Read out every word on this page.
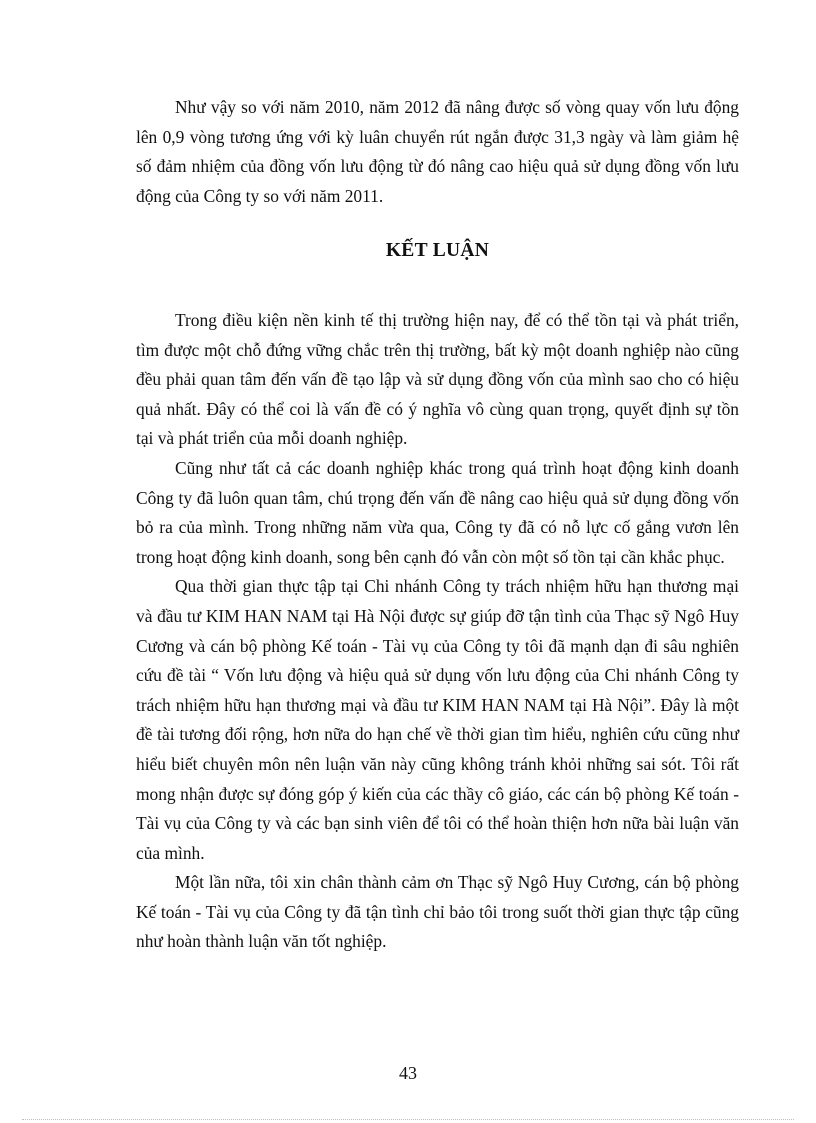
Như vậy so với năm 2010, năm 2012 đã nâng được số vòng quay vốn lưu động lên 0,9 vòng tương ứng với kỳ luân chuyển rút ngắn được 31,3 ngày và làm giảm hệ số đảm nhiệm của đồng vốn lưu động từ đó nâng cao hiệu quả sử dụng đồng vốn lưu động của Công ty so với năm 2011.

KẾT LUẬN

Trong điều kiện nền kinh tế thị trường hiện nay, để có thể tồn tại và phát triển, tìm được một chỗ đứng vững chắc trên thị trường, bất kỳ một doanh nghiệp nào cũng đều phải quan tâm đến vấn đề tạo lập và sử dụng đồng vốn của mình sao cho có hiệu quả nhất. Đây có thể coi là vấn đề có ý nghĩa vô cùng quan trọng, quyết định sự tồn tại và phát triển của mỗi doanh nghiệp.

Cũng như tất cả các doanh nghiệp khác trong quá trình hoạt động kinh doanh Công ty đã luôn quan tâm, chú trọng đến vấn đề nâng cao hiệu quả sử dụng đồng vốn bỏ ra của mình. Trong những năm vừa qua, Công ty đã có nỗ lực cố gắng vươn lên trong hoạt động kinh doanh, song bên cạnh đó vẫn còn một số tồn tại cần khắc phục.

Qua thời gian thực tập tại Chi nhánh Công ty trách nhiệm hữu hạn thương mại và đầu tư KIM HAN NAM tại Hà Nội được sự giúp đỡ tận tình của Thạc sỹ Ngô Huy Cương và cán bộ phòng Kế toán - Tài vụ của Công ty tôi đã mạnh dạn đi sâu nghiên cứu đề tài “ Vốn lưu động và hiệu quả sử dụng vốn lưu động của Chi nhánh Công ty trách nhiệm hữu hạn thương mại và đầu tư KIM HAN NAM tại Hà Nội”. Đây là một đề tài tương đối rộng, hơn nữa do hạn chế về thời gian tìm hiểu, nghiên cứu cũng như hiểu biết chuyên môn nên luận văn này cũng không tránh khỏi những sai sót. Tôi rất mong nhận được sự đóng góp ý kiến của các thầy cô giáo, các cán bộ phòng Kế toán - Tài vụ của Công ty và các bạn sinh viên để tôi có thể hoàn thiện hơn nữa bài luận văn của mình.

Một lần nữa, tôi xin chân thành cảm ơn Thạc sỹ Ngô Huy Cương, cán bộ phòng Kế toán - Tài vụ của Công ty đã tận tình chỉ bảo tôi trong suốt thời gian thực tập cũng như hoàn thành luận văn tốt nghiệp.

43
